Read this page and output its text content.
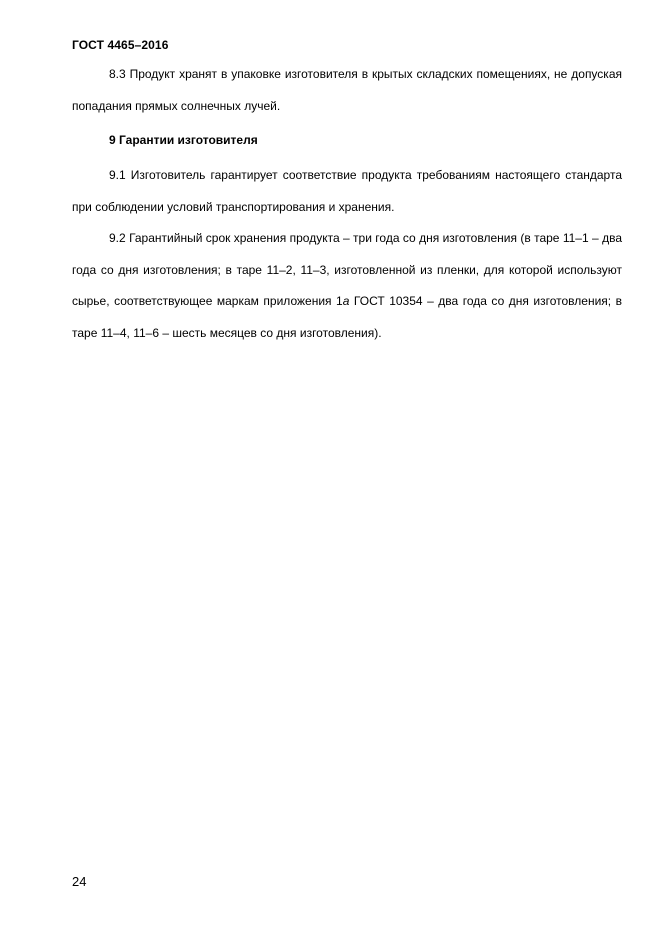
ГОСТ 4465–2016

8.3 Продукт хранят в упаковке изготовителя в крытых складских помещениях, не допуская попадания прямых солнечных лучей.

9 Гарантии изготовителя

9.1 Изготовитель гарантирует соответствие продукта требованиям настоящего стандарта при соблюдении условий транспортирования и хранения.

9.2 Гарантийный срок хранения продукта – три года со дня изготовления (в таре 11–1 – два года со дня изготовления; в таре 11–2, 11–3, изготовленной из пленки, для которой используют сырье, соответствующее маркам приложения 1а ГОСТ 10354 – два года со дня изготовления; в таре 11–4, 11–6 – шесть месяцев со дня изготовления).

24
